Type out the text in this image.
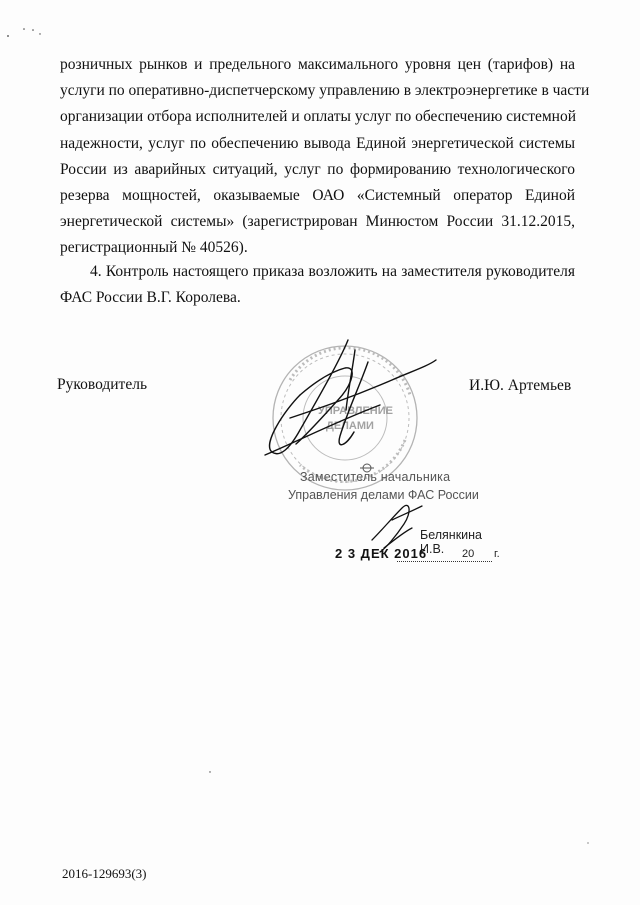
розничных рынков и предельного максимального уровня цен (тарифов) на
услуги по оперативно-диспетчерскому управлению в электроэнергетике в части
организации отбора исполнителей и оплаты услуг по обеспечению системной
надежности, услуг по обеспечению вывода Единой энергетической системы
России из аварийных ситуаций, услуг по формированию технологического
резерва мощностей, оказываемые ОАО «Системный оператор Единой
энергетической системы» (зарегистрирован Минюстом России 31.12.2015,
регистрационный № 40526).
4. Контроль настоящего приказа возложить на заместителя руководителя
ФАС России В.Г. Королева.
Руководитель	И.Ю. Артемьев
УПРАВЛЕНИЕ
ДЕЛАМИ
Заместитель начальника
Управления делами ФАС России
Белянкина И.В.
2 3 ДЕК 2016	20 г.
2016-129693(3)
